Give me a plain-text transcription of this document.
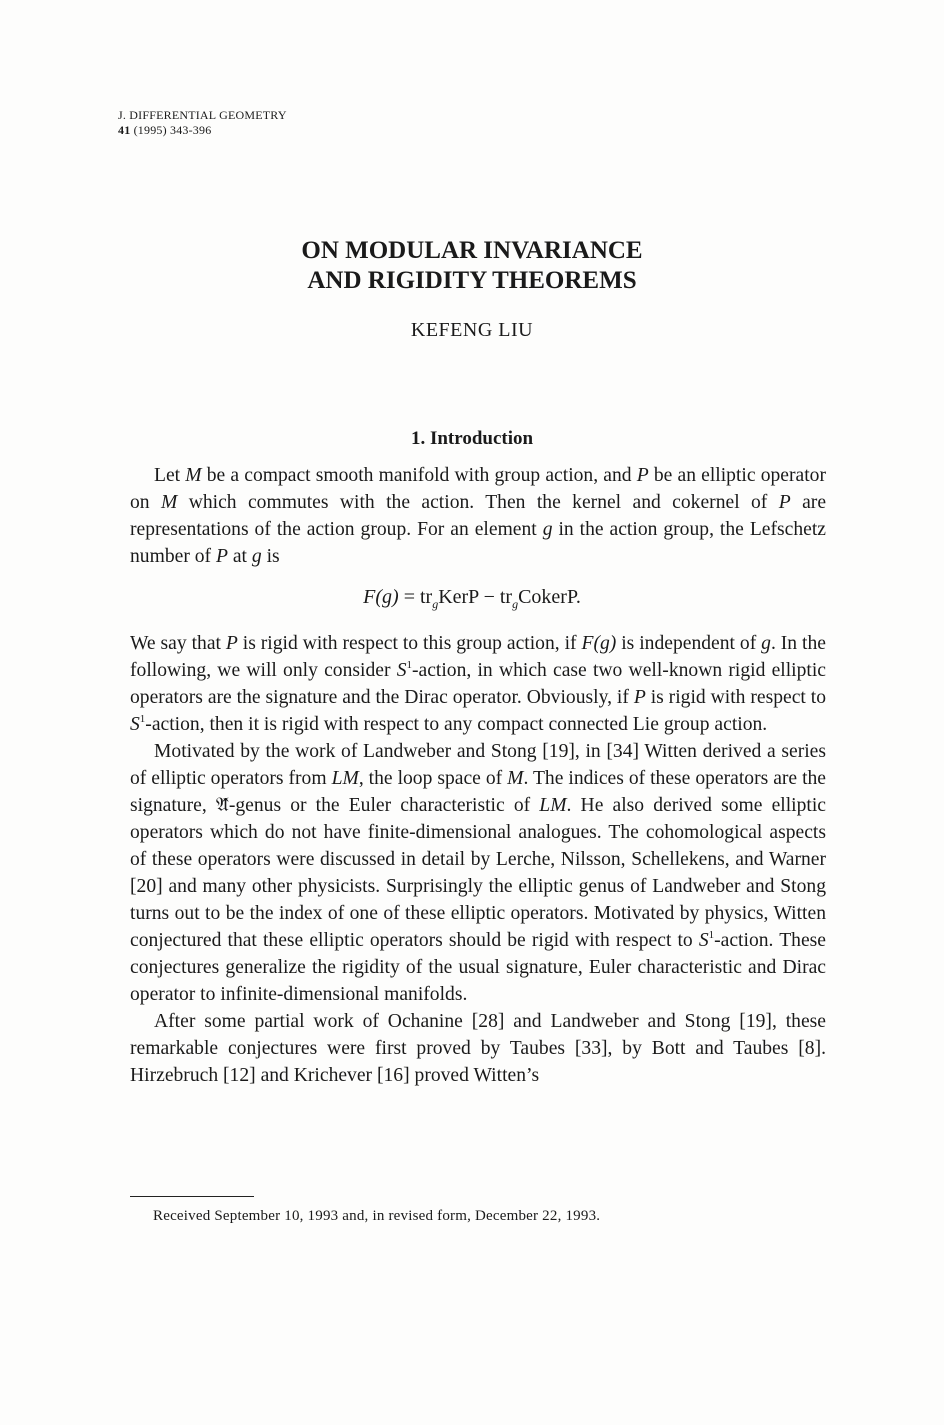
J. DIFFERENTIAL GEOMETRY
41 (1995) 343-396
ON MODULAR INVARIANCE
AND RIGIDITY THEOREMS
KEFENG LIU
1. Introduction

Let M be a compact smooth manifold with group action, and P be an elliptic operator on M which commutes with the action. Then the kernel and cokernel of P are representations of the action group. For an element g in the action group, the Lefschetz number of P at g is

$F(g) = tr_gKerP$ − $tr_gCokerP$.

We say that P is rigid with respect to this group action, if F(g) is independent of g. In the following, we will only consider $S^1$-action, in which case two well-known rigid elliptic operators are the signature and the Dirac operator. Obviously, if P is rigid with respect to $S^1$-action, then it is rigid with respect to any compact connected Lie group action.

Motivated by the work of Landweber and Stong [19], in [34] Witten derived a series of elliptic operators from LM, the loop space of M. The indices of these operators are the signature, 𝔄̂-genus or the Euler characteristic of LM. He also derived some elliptic operators which do not have finite-dimensional analogues. The cohomological aspects of these operators were discussed in detail by Lerche, Nilsson, Schellekens, and Warner [20] and many other physicists. Surprisingly the elliptic genus of Landweber and Stong turns out to be the index of one of these elliptic operators. Motivated by physics, Witten conjectured that these elliptic operators should be rigid with respect to $S^1$-action. These conjectures generalize the rigidity of the usual signature, Euler characteristic and Dirac operator to infinite-dimensional manifolds.

After some partial work of Ochanine [28] and Landweber and Stong [19], these remarkable conjectures were first proved by Taubes [33], by Bott and Taubes [8]. Hirzebruch [12] and Krichever [16] proved Witten’s

Received September 10, 1993 and, in revised form, December 22, 1993.
